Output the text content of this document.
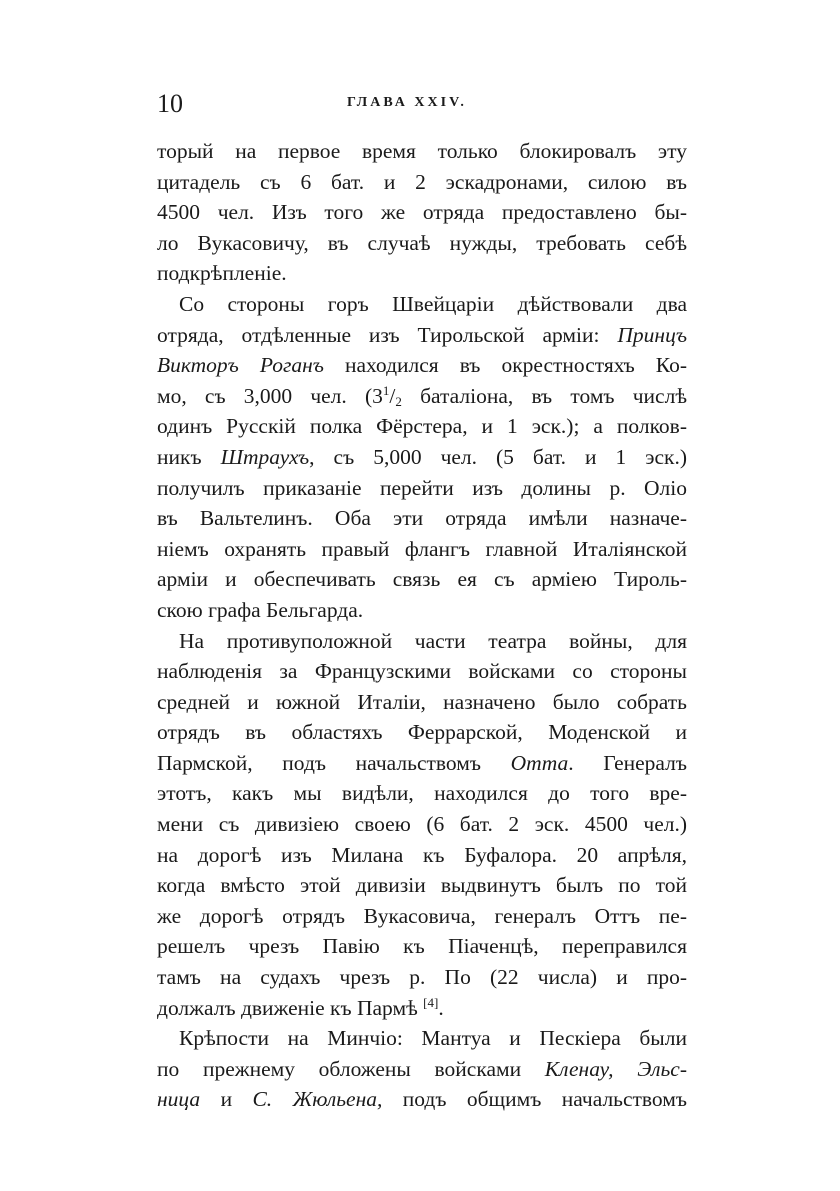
10	ГЛАВА XXIV.
торый на первое время только блокировалъ эту
цитадель съ 6 бат. и 2 эскадронами, силою въ
4500 чел. Изъ того же отряда предоставлено бы-
ло Вукасовичу, въ случаѣ нужды, требовать себѣ
подкрѣпленіе.
Со стороны горъ Швейцаріи дѣйствовали два
отряда, отдѣленные изъ Тирольской арміи: Принцъ
Викторъ Роганъ находился въ окрестностяхъ Ко-
мо, съ 3,000 чел. ($3^1/_2$ баталіона, въ томъ числѣ
одинъ Русскій полка Фёрстера, и 1 эск.); а полков-
никъ Штраухъ, съ 5,000 чел. (5 бат. и 1 эск.)
получилъ приказаніе перейти изъ долины р. Оліо
въ Вальтелинъ. Оба эти отряда имѣли назначе-
ніемъ охранять правый флангъ главной Италіянской
арміи и обеспечивать связь ея съ арміею Тироль-
скою графа Бельгарда.
На противуположной части театра войны, для
наблюденія за Французскими войсками со стороны
средней и южной Италіи, назначено было собрать
отрядъ въ областяхъ Феррарской, Моденской и
Пармской, подъ начальствомъ Отта. Генералъ
этотъ, какъ мы видѣли, находился до того вре-
мени съ дивизіею своею (6 бат. 2 эск. 4500 чел.)
на дорогѣ изъ Милана къ Буфалора. 20 апрѣля,
когда вмѣсто этой дивизіи выдвинутъ былъ по той
же дорогѣ отрядъ Вукасовича, генералъ Оттъ пе-
решелъ чрезъ Павію къ Піаченцѣ, переправился
тамъ на судахъ чрезъ р. По (22 числа) и про-
должалъ движеніе къ Пармѣ [4].
Крѣпости на Минчіо: Мантуа и Пескіера были
по прежнему обложены войсками Кленау, Эльс-
ница и С. Жюльена, подъ общимъ начальствомъ
